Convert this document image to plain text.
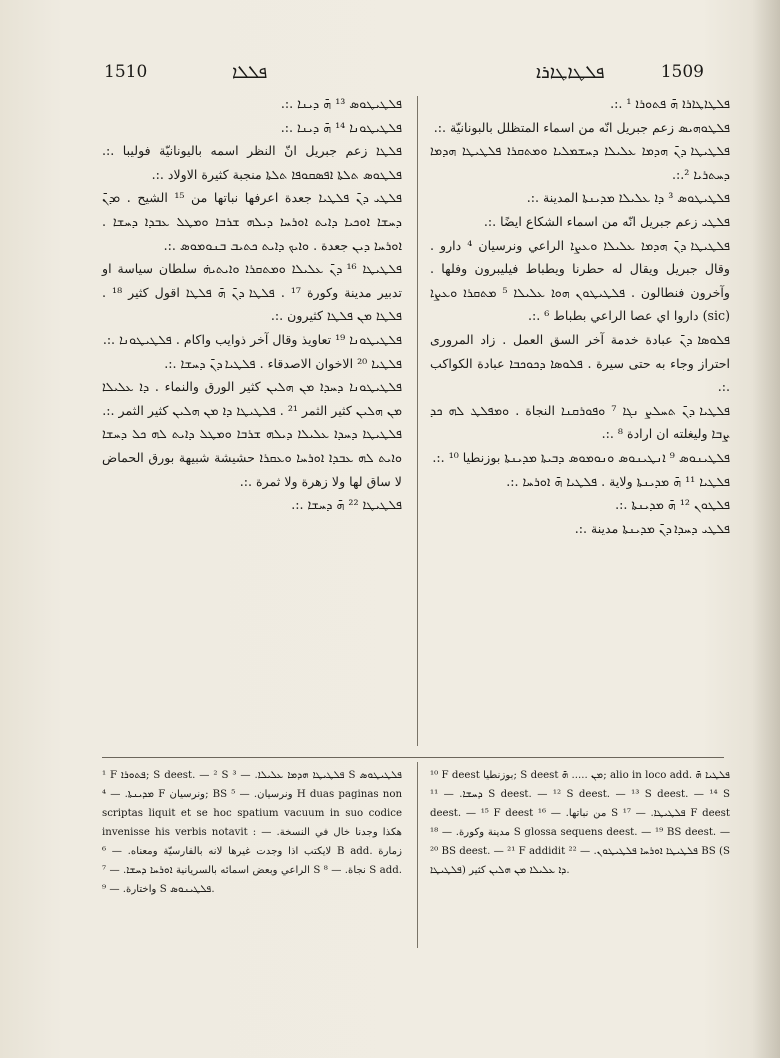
1510	ܦܠܠܐ	ܦܠܛܐܛܐܪܐ	1509

ܦܠܛܝܛܘܣ ¹³ ܗ̄ ܕܝܢܐ .:.

ܦܠܛܝܛܘܢܐ ¹⁴ ܗ̄ ܕܝܢܐ .:.

ܦܠܛܐ زعم جبريل انّ النظر اسمه باليونانيّة فوليبا .:. ܦܠܛܘܣ ܬܠܬܐ ܐܦܣܩܘܦܐ ܬܠܬܐ منجبة كثيرة الاولاد .:.

ܦܠܛܝ ܕܢ̄ ܦܠܛܝܐ جعدة اعرفها نباتها من ¹⁵ الشيح . ܘܕܢ̄ ܕܚܫܐ ܐܘܟܝܐ ܕܐܝܬ ܐܘܪܚܐ ܕܝܠܗ ܫܪܒܐ ܘܡܛܠ ܥܒܕܐ ܕܚܫܐ . ܐܘܪܚܐ ܕܝܢ جعدة . ܘܐܝܟ ܕܐܝܬ ܟܬܝܒ ܒܢܘܡܘܣ .:.

ܦܠܛܝܛܐ ¹⁶ ܕܢ̄ ܥܠܝܠܐ ܘܡܬܩܪܐ ܘܐܝܬܝܗ̇ سلطان سياسة او تدبير مدينة وكورة ¹⁷ . ܦܠܛܐ ܕܢ̄ ܗ̄ ܦܠܛܐ اقول كثير ¹⁸ . ܦܠܛܐ ܡܢ ܦܠܛܐ كثيرون .:.

ܦܠܛܝܛܘܢܐ ¹⁹ تعاويذ وقال آخر ذوايب واكام . ܦܠܛܝܛܘܢܐ .:.

ܦܠܛܝܐ ²⁰ الاخوان الاصدقاء . ܦܠܛܝܐ ܕܢ̄ ܕܚܫܐ .:.

ܦܠܛܝܛܘܢܐ ܕܚܕܐ ܡܢ ܗܠܝܢ كثير الورق والنماء . ܕܐ ܥܠܝܠܐ ܡܢ ܗܠܝܢ كثير الثمر ²¹ . ܦܠܛܝܛܐ ܕܐ ܡܢ ܗܠܝܢ كثير الثمر .:.

ܦܠܛܝܛܐ ܕܚܕܐ ܥܠܝܠܐ ܕܝܠܗ ܫܪܒܐ ܘܡܛܠ ܕܐܝܬ ܠܗ ܟܠ ܕܚܫܐ ܘܐܝܬ ܠܗ ܥܒܕܐ ܐܘܪܚܐ ܘܥܩܪܐ حشيشة شبيهة بورق الحماض لا ساق لها ولا زهرة ولا ثمرة .:.

ܦܠܛܝܛܐ ²² ܗ̄ ܕܚܫܐ .:.

ܦܠܛܐܛܐܪܐ ܗ̄ ܦܬܘܪܐ ¹ .:.

ܦܠܛܘܗܝܣ زعم جبريل انّه من اسماء المتظلل بالبونانيّة .:.

ܦܠܛܝܛܐ ܕܢ̄ ܗܕܡܐ ܥܠܝܠܐ ܕܚܫܡܠܝܐ ܘܡܬܩܪܐ ܦܠܛܝܛܐ ܗܕܡܐ ܕܚܬܪܝܐ ².:.

ܦܠܛܝܛܘܣ ³ ܕܐ ܥܠܝܠܐ ܡܕܝܢܬܐ المدينة .:.

ܦܠܛܝ زعم جبريل انّه من اسماء الشكاع ايضًا .:.

ܦܠܛܝܛܐ ܕܢ̄ ܗܕܡܐ ܥܠܝܠܐ ܘܥܨܐ الراعي ونرسيان ⁴ دارو . وقال جبريل ويقال له حطرنا ويطباط فيليبرون وفلها . وآخرون فنطالون . ܦܠܛܝܛܘܢ ܗܘܐ ܥܠܝܠܐ ⁵ ܡܬܩܪܐ ܘܥܨܐ (sic) داروا اي عصا الراعي بطباط ⁶ .:.

ܦܠܘܣܐ ܕܢ̄ عبادة خدمة آخر السق العمل . زاد المرورى احتراز وجاء به حتى سيرة . ܦܠܘܣܐ ܕܟܘܟܒܐ عبادة الكواكب .:.

ܦܠܛܝܐ ܕܢ̄ ܬܚܠܨ ܢܓܐ ⁷ ܘܦܘܪܩܢܐ النجاة . ܘܡܦܠܛ ܠܗ ܟܕ ܨܒܐ وليغلته ان ارادة ⁸ .:.

ܦܠܛܝܢܘܣ ⁹ ܐܢܛܝܢܘܣ ܘܢܘܡܘܣ ܕܒܝܬܐ ܡܕܝܢܬܐ بوزنطيا ¹⁰ .:.

ܦܠܛܝܐ ¹¹ ܗ̄ ܡܕܝܢܬܐ ولاية . ܦܠܛܝܐ ܗ̄ ܐܘܪܚܐ .:.

ܦܠܛܘܢ ¹² ܗ̄ ܡܕܝܢܬܐ .:.

ܦܠܛܝ ܕܚܕܐ ܕܢ̄ ܡܕܝܢܬܐ مدينة .:.

¹ F ܦܬܘܪܐ; S deest. — ² S ܦܠܛܝܛܐ ܗܕܡܐ ܥܠܝܠܐ. — ³ S ܦܠܛܝܛܘܣ ܡܕܝܢܬܐ. — ⁴ F ونرسيان; BS ونرسيان. — ⁵ H duas paginas non scriptas liquit et se hoc spatium vacuum in suo codice invenisse his verbis notavit : هكذا وجدنا خال في النسخة. — لايكتب اذا وجدت غيرها لانه بالفارسيّة ومعناه. — ⁶ B add. زمارة الراعي وبعض اسمائه بالسريانية ܐܘܪܚܐ ܕܚܫܐ. — ⁷ S نجاة. — ⁸ S add. واختارة. — ⁹ S ܦܠܛܝܢܘܣ.

¹⁰ F deest بوزنطيا; S deest ܡܢ ..... ܗ̄; alio in loco add. ܦܠܛܝܐ ܗ̄ ܕܚܫܐ. — ¹¹ S deest. — ¹² S deest. — ¹³ S deest. — ¹⁴ S deest. — ¹⁵ F deest من نباتها. — ¹⁶ S ܦܠܛܝܛܐ. — ¹⁷ F deest مدينة وكورة. — ¹⁸ S glossa sequens deest. — ¹⁹ BS deest. — ²⁰ BS deest. — ²¹ F addidit ܦܠܛܝܛܐ ܐܘܪܚܐ ܦܠܛܝܛܘܢ. — ²² BS (S ܦܠܛܝܛܐ) ܕܐ ܥܠܝܠܐ ܡܢ ܗܠܝܢ كثير.
